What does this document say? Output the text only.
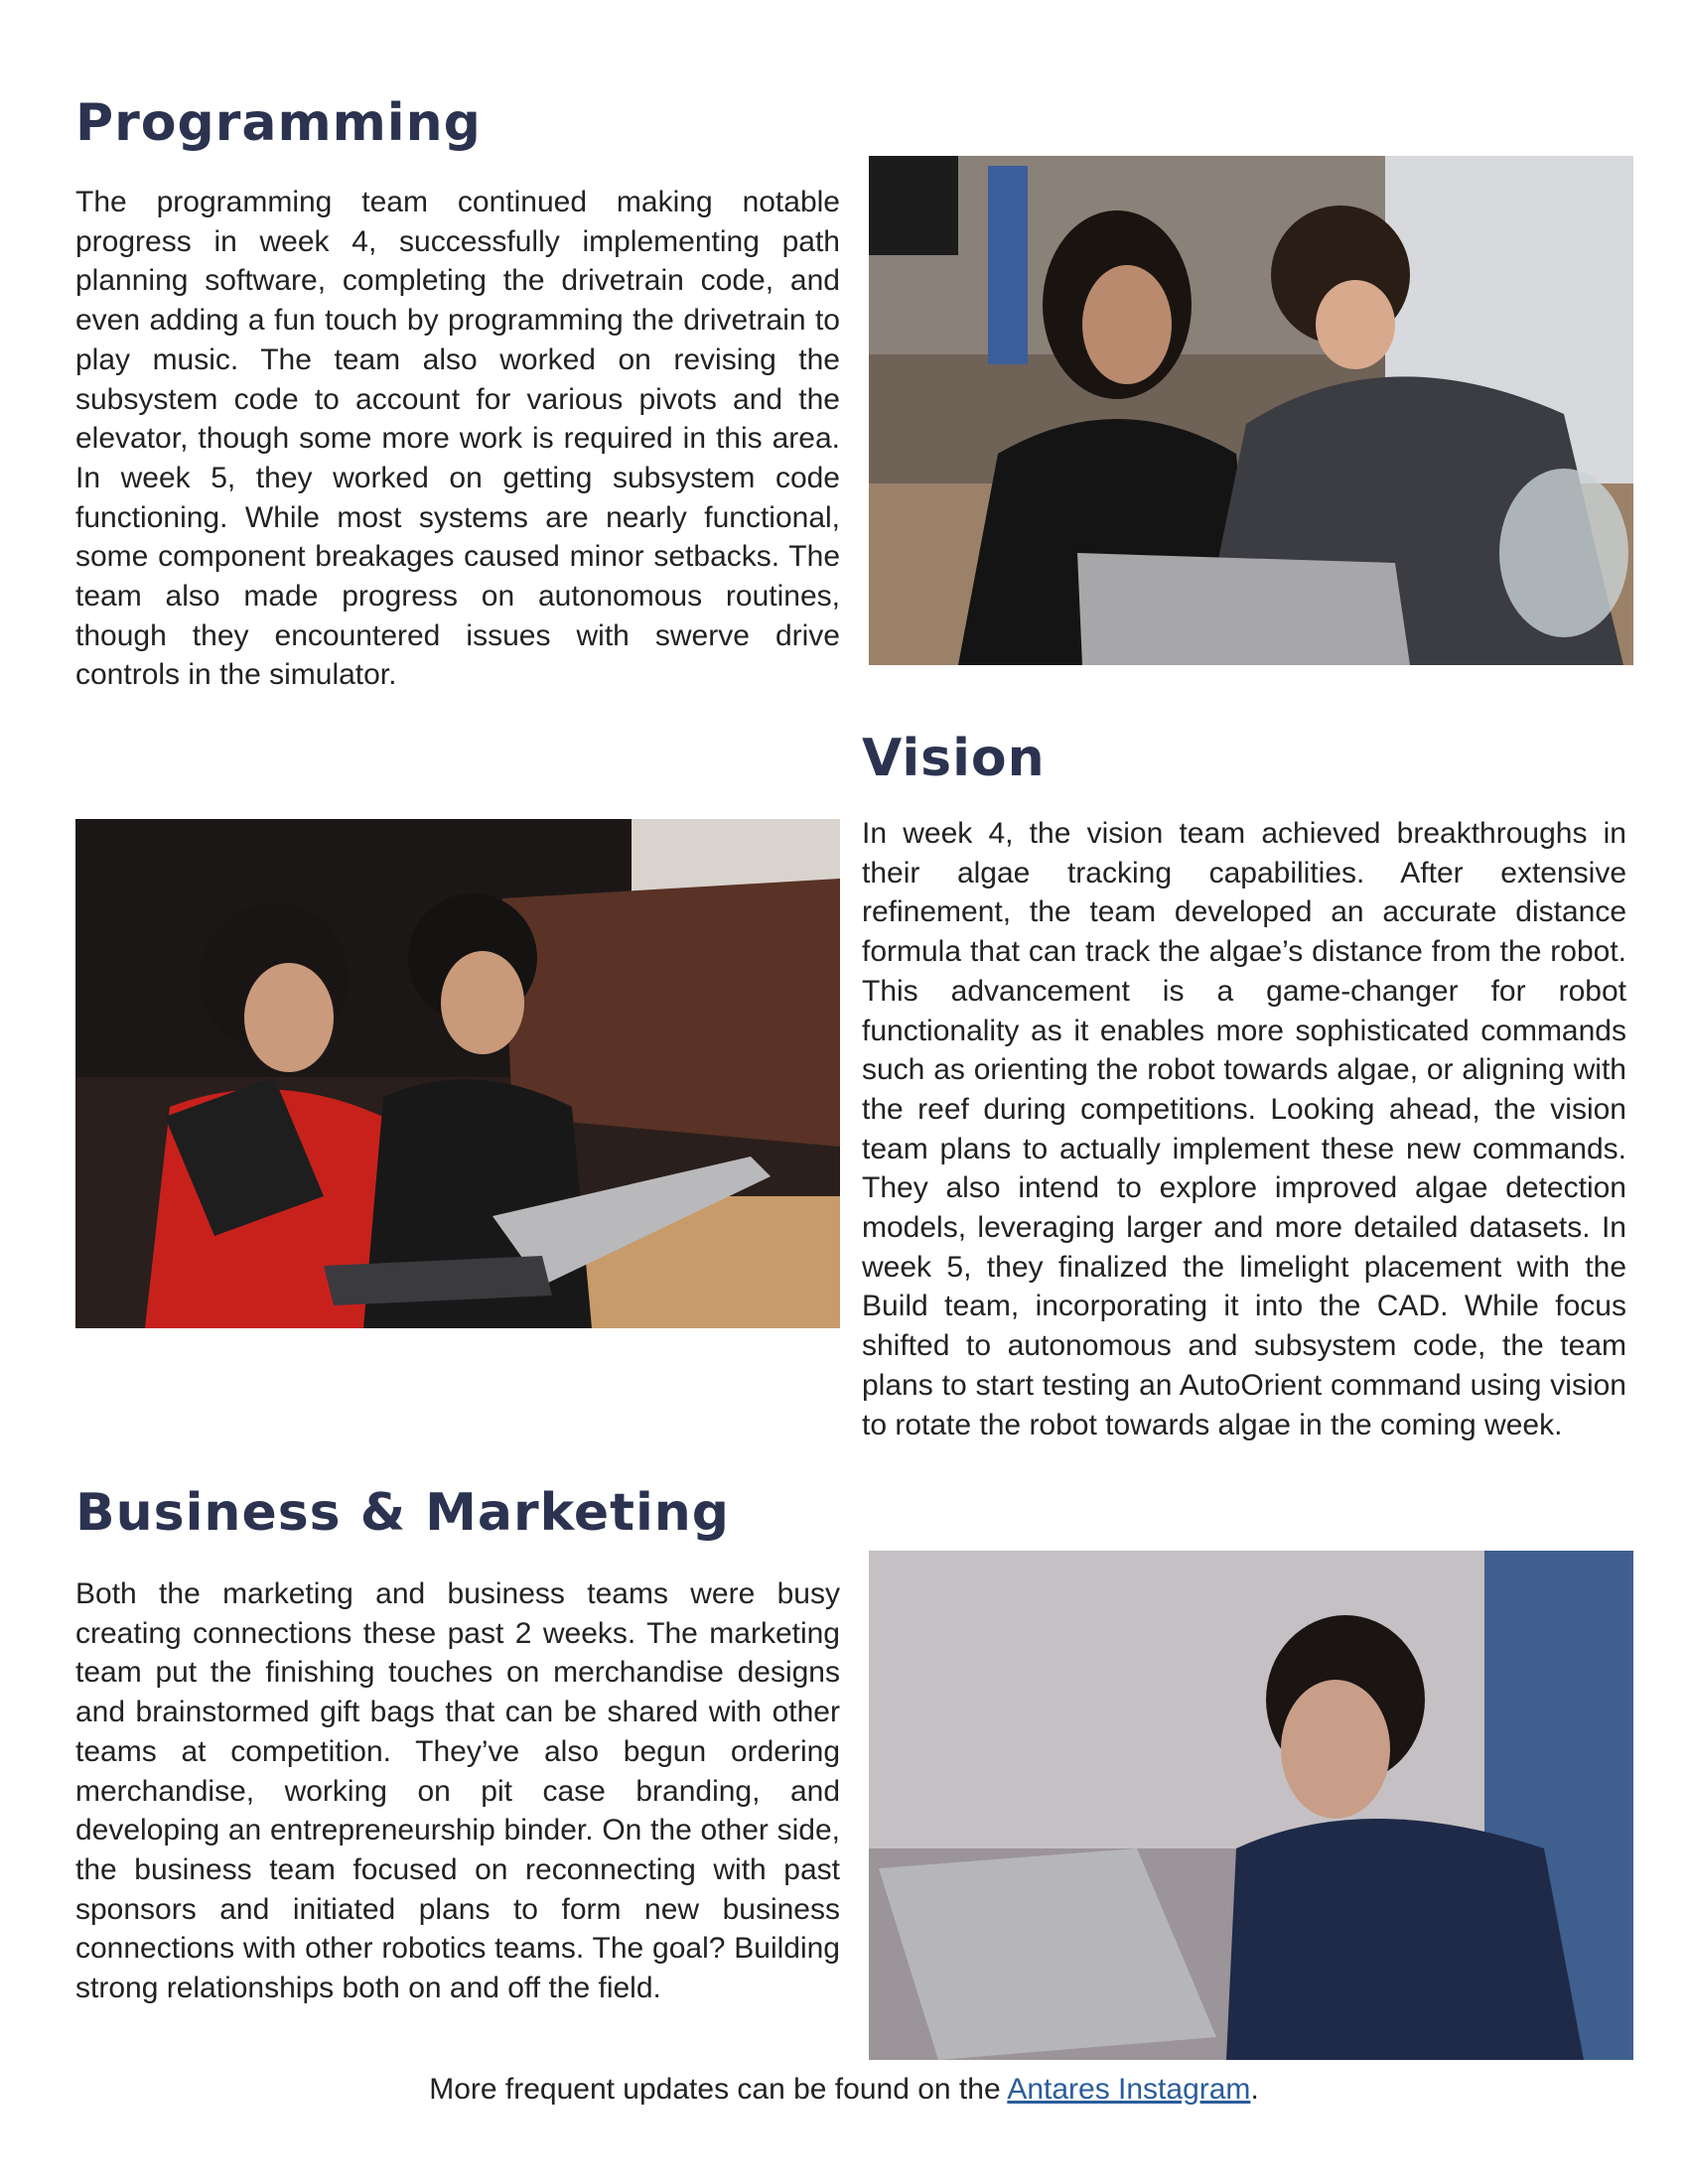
Programming

The programming team continued making notable progress in week 4, successfully implementing path planning software, completing the drivetrain code, and even adding a fun touch by programming the drivetrain to play music. The team also worked on revising the subsystem code to account for various pivots and the elevator, though some more work is required in this area. In week 5, they worked on getting subsystem code functioning. While most systems are nearly functional, some component breakages caused minor setbacks. The team also made progress on autonomous routines, though they encountered issues with swerve drive controls in the simulator.

Vision

In week 4, the vision team achieved breakthroughs in their algae tracking capabilities. After extensive refinement, the team developed an accurate distance formula that can track the algae’s distance from the robot. This advancement is a game-changer for robot functionality as it enables more sophisticated commands such as orienting the robot towards algae, or aligning with the reef during competitions. Looking ahead, the vision team plans to actually implement these new commands. They also intend to explore improved algae detection models, leveraging larger and more detailed datasets. In week 5, they finalized the limelight placement with the Build team, incorporating it into the CAD. While focus shifted to autonomous and subsystem code, the team plans to start testing an AutoOrient command using vision to rotate the robot towards algae in the coming week.

Business & Marketing

Both the marketing and business teams were busy creating connections these past 2 weeks. The marketing team put the finishing touches on merchandise designs and brainstormed gift bags that can be shared with other teams at competition. They’ve also begun ordering merchandise, working on pit case branding, and developing an entrepreneurship binder. On the other side, the business team focused on reconnecting with past sponsors and initiated plans to form new business connections with other robotics teams. The goal? Building strong relationships both on and off the field.

More frequent updates can be found on the Antares Instagram.
